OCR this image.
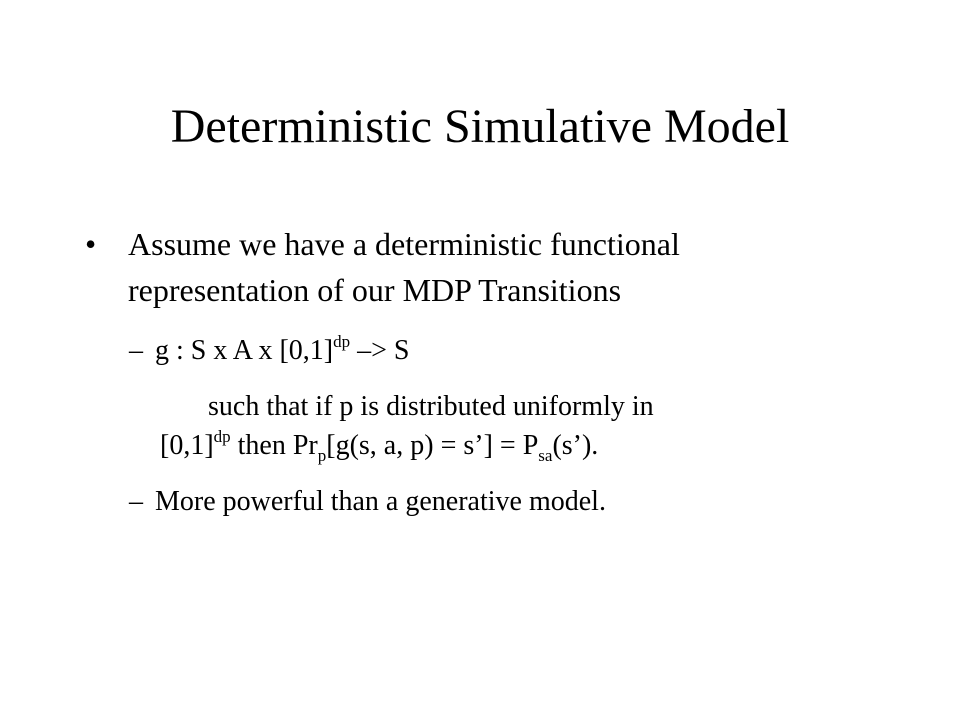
Deterministic Simulative Model
• Assume we have a deterministic functional
representation of our MDP Transitions
– g : S x A x $[0,1]^{dp} -> S$
such that if p is distributed uniformly in
$[0,1]^{dp}$ then $Pr_p[g(s$, a, p) = s’] = $P_{sa}(s’)$.
– More powerful than a generative model.
